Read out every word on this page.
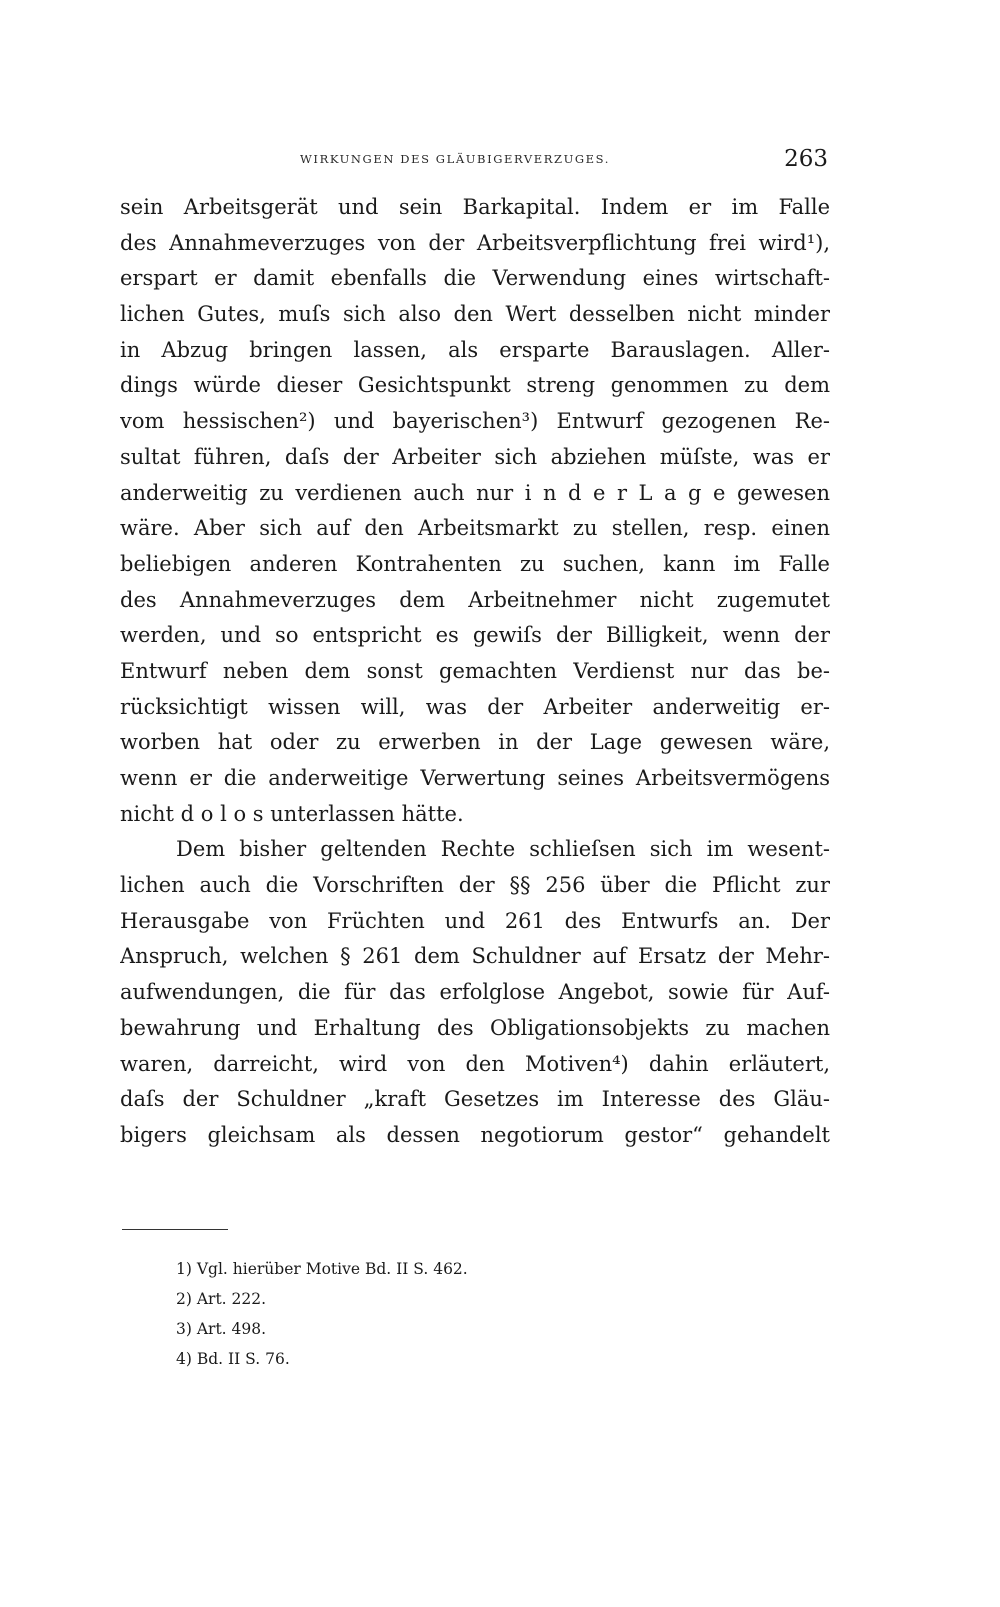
WIRKUNGEN DES GLÄUBIGERVERZUGES.	263
sein Arbeitsgerät und sein Barkapital. Indem er im Falle
des Annahmeverzuges von der Arbeitsverpflichtung frei wird¹),
erspart er damit ebenfalls die Verwendung eines wirtschaft-
lichen Gutes, muſs sich also den Wert desselben nicht minder
in Abzug bringen lassen, als ersparte Barauslagen. Aller-
dings würde dieser Gesichtspunkt streng genommen zu dem
vom hessischen²) und bayerischen³) Entwurf gezogenen Re-
sultat führen, daſs der Arbeiter sich abziehen müſste, was er
anderweitig zu verdienen auch nur i n d e r L a g e gewesen
wäre. Aber sich auf den Arbeitsmarkt zu stellen, resp. einen
beliebigen anderen Kontrahenten zu suchen, kann im Falle
des Annahmeverzuges dem Arbeitnehmer nicht zugemutet
werden, und so entspricht es gewiſs der Billigkeit, wenn der
Entwurf neben dem sonst gemachten Verdienst nur das be-
rücksichtigt wissen will, was der Arbeiter anderweitig er-
worben hat oder zu erwerben in der Lage gewesen wäre,
wenn er die anderweitige Verwertung seines Arbeitsvermögens
nicht d o l o s unterlassen hätte.
Dem bisher geltenden Rechte schlieſsen sich im wesent-
lichen auch die Vorschriften der §§ 256 über die Pflicht zur
Herausgabe von Früchten und 261 des Entwurfs an. Der
Anspruch, welchen § 261 dem Schuldner auf Ersatz der Mehr-
aufwendungen, die für das erfolglose Angebot, sowie für Auf-
bewahrung und Erhaltung des Obligationsobjekts zu machen
waren, darreicht, wird von den Motiven⁴) dahin erläutert,
daſs der Schuldner „kraft Gesetzes im Interesse des Gläu-
bigers gleichsam als dessen negotiorum gestor“ gehandelt
1) Vgl. hierüber Motive Bd. II S. 462.
2) Art. 222.
3) Art. 498.
4) Bd. II S. 76.
